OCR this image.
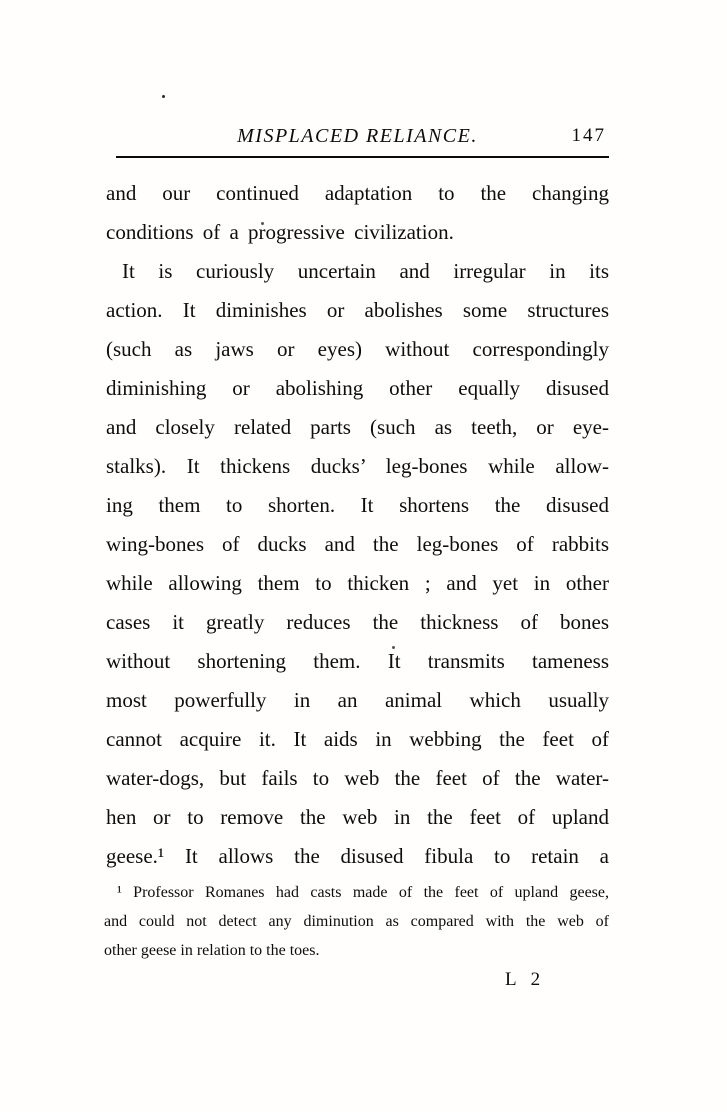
MISPLACED RELIANCE.	147
and our continued adaptation to the changing
conditions of a progressive civilization.
It is curiously uncertain and irregular in its
action. It diminishes or abolishes some structures
(such as jaws or eyes) without correspondingly
diminishing or abolishing other equally disused
and closely related parts (such as teeth, or eye-
stalks). It thickens ducks’ leg-bones while allow-
ing them to shorten. It shortens the disused
wing-bones of ducks and the leg-bones of rabbits
while allowing them to thicken ; and yet in other
cases it greatly reduces the thickness of bones
without shortening them. It transmits tameness
most powerfully in an animal which usually
cannot acquire it. It aids in webbing the feet of
water-dogs, but fails to web the feet of the water-
hen or to remove the web in the feet of upland
geese.¹ It allows the disused fibula to retain a
¹ Professor Romanes had casts made of the feet of upland geese,
and could not detect any diminution as compared with the web of
other geese in relation to the toes.
L 2
